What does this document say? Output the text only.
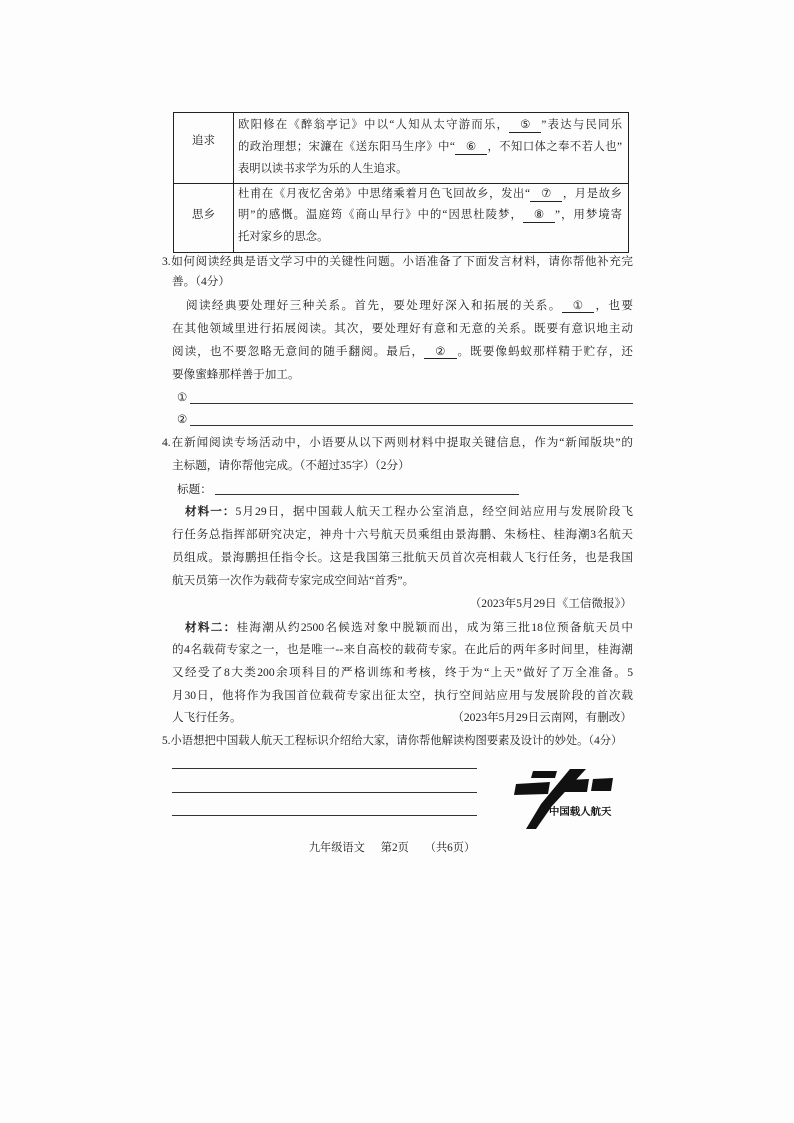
追求
欧阳修在《醉翁亭记》中以“人知从太守游而乐， ⑤ ”表达与民同乐
的政治理想；宋濂在《送东阳马生序》中“ ⑥ ，不知口体之奉不若人也”
表明以读书求学为乐的人生追求。
思乡
杜甫在《月夜忆舍弟》中思绪乘着月色飞回故乡，发出“ ⑦ ，月是故乡
明”的感慨。温庭筠《商山早行》中的“因思杜陵梦， ⑧ ”，用梦境寄
托对家乡的思念。
3.如何阅读经典是语文学习中的关键性问题。小语准备了下面发言材料，请你帮他补充完
善。（4分）
阅读经典要处理好三种关系。首先，要处理好深入和拓展的关系。 ① ，也要
在其他领域里进行拓展阅读。其次，要处理好有意和无意的关系。既要有意识地主动
阅读，也不要忽略无意间的随手翻阅。最后， ② 。既要像蚂蚁那样精于贮存，还
要像蜜蜂那样善于加工。
①
②
4.在新闻阅读专场活动中，小语要从以下两则材料中提取关键信息，作为“新闻版块”的
主标题，请你帮他完成。（不超过35字）（2分）
标题：
材料一：5月29日，据中国载人航天工程办公室消息，经空间站应用与发展阶段飞
行任务总指挥部研究决定，神舟十六号航天员乘组由景海鹏、朱杨柱、桂海潮3名航天
员组成。景海鹏担任指令长。这是我国第三批航天员首次亮相载人飞行任务，也是我国
航天员第一次作为载荷专家完成空间站“首秀”。
（2023年5月29日《工信微报》）
材料二：桂海潮从约2500名候选对象中脱颖而出，成为第三批18位预备航天员中
的4名载荷专家之一，也是唯一--来自高校的载荷专家。在此后的两年多时间里，桂海潮
又经受了8大类200余项科目的严格训练和考核，终于为“上天”做好了万全准备。5
月30日，他将作为我国首位载荷专家出征太空，执行空间站应用与发展阶段的首次载
人飞行任务。	（2023年5月29日云南网，有删改）
5.小语想把中国载人航天工程标识介绍给大家，请你帮他解读构图要素及设计的妙处。（4分）
中国载人航天
九年级语文 第2页 （共6页）
